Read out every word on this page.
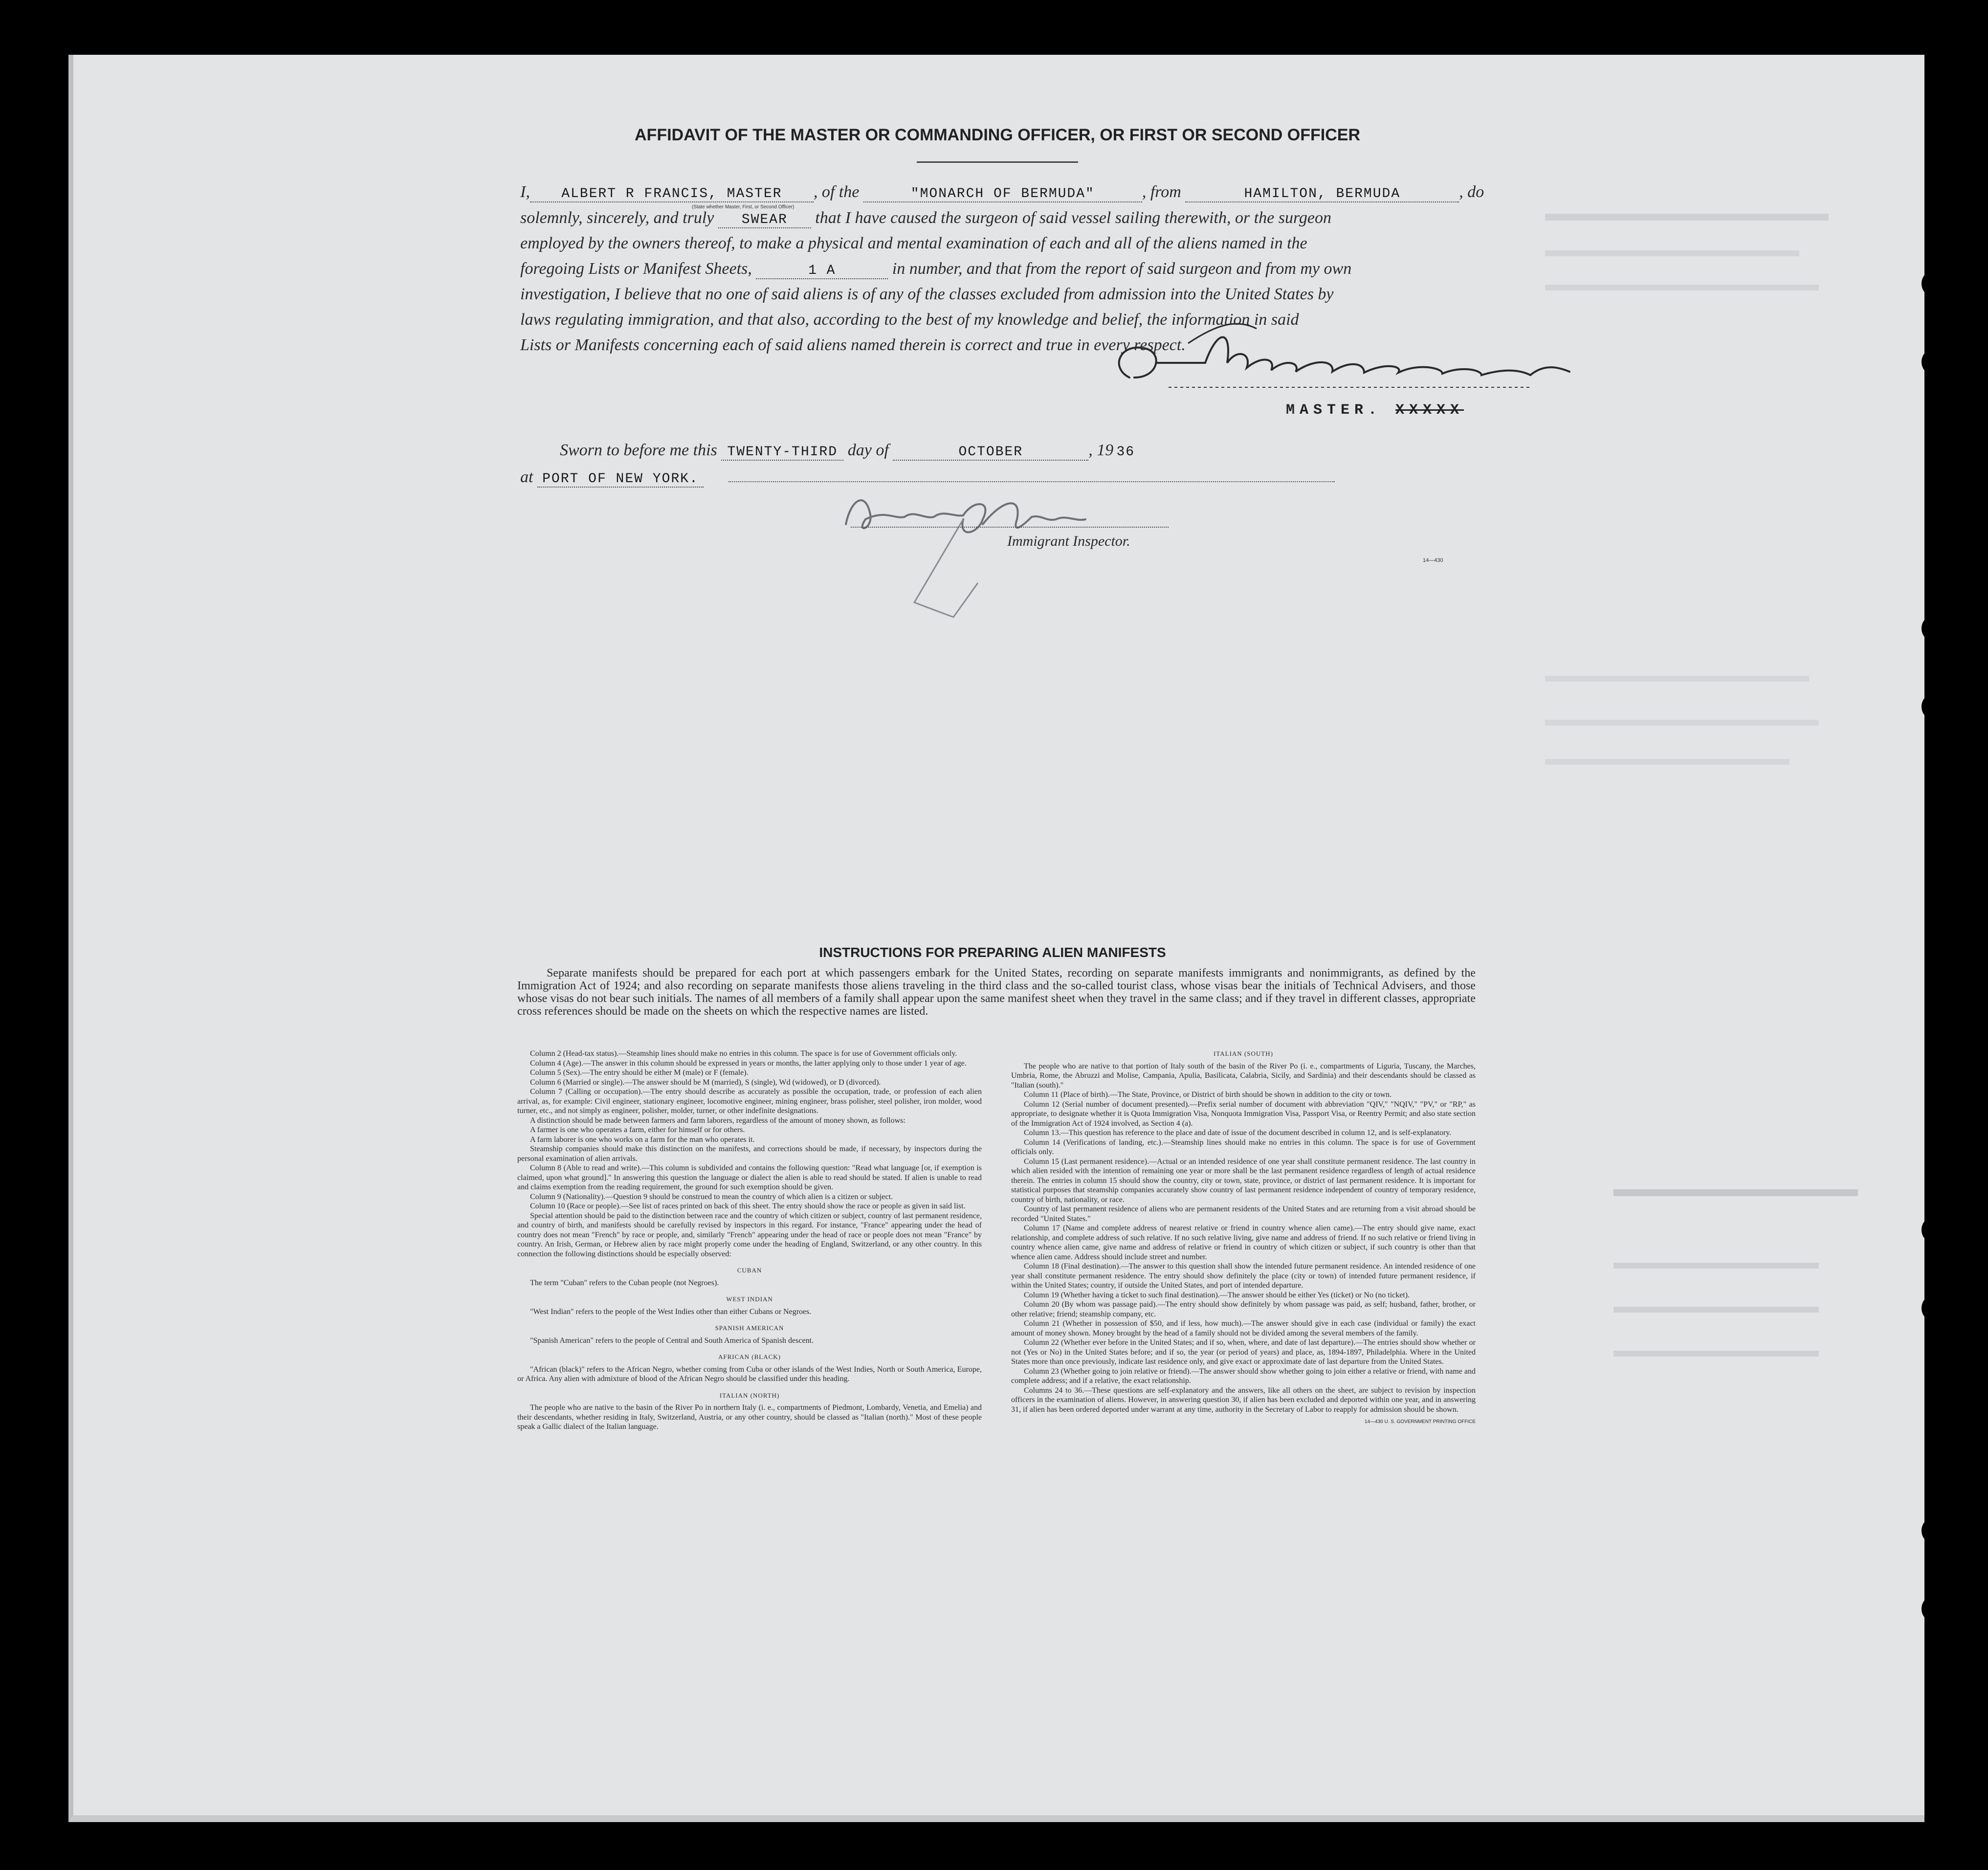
AFFIDAVIT OF THE MASTER OR COMMANDING OFFICER, OR FIRST OR SECOND OFFICER
I, ALBERT R FRANCIS, MASTER , of the	"MONARCH OF BERMUDA"	, from	HAMILTON, BERMUDA	, do
(State whether Master, First, or Second Officer)
solemnly, sincerely, and truly SWEAR that I have caused the surgeon of said vessel sailing therewith, or the surgeon
employed by the owners thereof, to make a physical and mental examination of each and all of the aliens named in the
foregoing Lists or Manifest Sheets,	1 A	in number, and that from the report of said surgeon and from my own
investigation, I believe that no one of said aliens is of any of the classes excluded from admission into the United States by
laws regulating immigration, and that also, according to the best of my knowledge and belief, the information in said
Lists or Manifests concerning each of said aliens named therein is correct and true in every respect.
MASTER. XXXXX
Sworn to before me this TWENTY-THIRD day of	OCTOBER	, 19 36
at PORT OF NEW YORK.
Immigrant Inspector.
14—430
INSTRUCTIONS FOR PREPARING ALIEN MANIFESTS
Separate manifests should be prepared for each port at which passengers embark for the United States, recording on separate manifests immigrants and nonimmigrants, as defined by the Immigration Act of 1924; and also recording on separate manifests those aliens traveling in the third class and the so-called tourist class, whose visas bear the initials of Technical Advisers, and those whose visas do not bear such initials. The names of all members of a family shall appear upon the same manifest sheet when they travel in the same class; and if they travel in different classes, appropriate cross references should be made on the sheets on which the respective names are listed.

Column 2 (Head-tax status).—Steamship lines should make no entries in this column. The space is for use of Government officials only.

Column 4 (Age).—The answer in this column should be expressed in years or months, the latter applying only to those under 1 year of age.

Column 5 (Sex).—The entry should be either M (male) or F (female).

Column 6 (Married or single).—The answer should be M (married), S (single), Wd (widowed), or D (divorced).

Column 7 (Calling or occupation).—The entry should describe as accurately as possible the occupation, trade, or profession of each alien arrival, as, for example: Civil engineer, stationary engineer, locomotive engineer, mining engineer, brass polisher, steel polisher, iron molder, wood turner, etc., and not simply as engineer, polisher, molder, turner, or other indefinite designations.

A distinction should be made between farmers and farm laborers, regardless of the amount of money shown, as follows:

A farmer is one who operates a farm, either for himself or for others.

A farm laborer is one who works on a farm for the man who operates it.

Steamship companies should make this distinction on the manifests, and corrections should be made, if necessary, by inspectors during the personal examination of alien arrivals.

Column 8 (Able to read and write).—This column is subdivided and contains the following question: "Read what language [or, if exemption is claimed, upon what ground]." In answering this question the language or dialect the alien is able to read should be stated. If alien is unable to read and claims exemption from the reading requirement, the ground for such exemption should be given.

Column 9 (Nationality).—Question 9 should be construed to mean the country of which alien is a citizen or subject.

Column 10 (Race or people).—See list of races printed on back of this sheet. The entry should show the race or people as given in said list.

Special attention should be paid to the distinction between race and the country of which citizen or subject, country of last permanent residence, and country of birth, and manifests should be carefully revised by inspectors in this regard. For instance, "France" appearing under the head of country does not mean "French" by race or people, and, similarly "French" appearing under the head of race or people does not mean "France" by country. An Irish, German, or Hebrew alien by race might properly come under the heading of England, Switzerland, or any other country. In this connection the following distinctions should be especially observed:

CUBAN

The term "Cuban" refers to the Cuban people (not Negroes).

WEST INDIAN

"West Indian" refers to the people of the West Indies other than either Cubans or Negroes.

SPANISH AMERICAN

"Spanish American" refers to the people of Central and South America of Spanish descent.

AFRICAN (BLACK)

"African (black)" refers to the African Negro, whether coming from Cuba or other islands of the West Indies, North or South America, Europe, or Africa. Any alien with admixture of blood of the African Negro should be classified under this heading.

ITALIAN (NORTH)

The people who are native to the basin of the River Po in northern Italy (i. e., compartments of Piedmont, Lombardy, Venetia, and Emelia) and their descendants, whether residing in Italy, Switzerland, Austria, or any other country, should be classed as "Italian (north)." Most of these people speak a Gallic dialect of the Italian language.

ITALIAN (SOUTH)

The people who are native to that portion of Italy south of the basin of the River Po (i. e., compartments of Liguria, Tuscany, the Marches, Umbria, Rome, the Abruzzi and Molise, Campania, Apulia, Basilicata, Calabria, Sicily, and Sardinia) and their descendants should be classed as "Italian (south)."

Column 11 (Place of birth).—The State, Province, or District of birth should be shown in addition to the city or town.

Column 12 (Serial number of document presented).—Prefix serial number of document with abbreviation "QIV," "NQIV," "PV," or "RP," as appropriate, to designate whether it is Quota Immigration Visa, Nonquota Immigration Visa, Passport Visa, or Reentry Permit; and also state section of the Immigration Act of 1924 involved, as Section 4 (a).

Column 13.—This question has reference to the place and date of issue of the document described in column 12, and is self-explanatory.

Column 14 (Verifications of landing, etc.).—Steamship lines should make no entries in this column. The space is for use of Government officials only.

Column 15 (Last permanent residence).—Actual or an intended residence of one year shall constitute permanent residence. The last country in which alien resided with the intention of remaining one year or more shall be the last permanent residence regardless of length of actual residence therein. The entries in column 15 should show the country, city or town, state, province, or district of last permanent residence. It is important for statistical purposes that steamship companies accurately show country of last permanent residence independent of country of temporary residence, country of birth, nationality, or race.

Country of last permanent residence of aliens who are permanent residents of the United States and are returning from a visit abroad should be recorded "United States."

Column 17 (Name and complete address of nearest relative or friend in country whence alien came).—The entry should give name, exact relationship, and complete address of such relative. If no such relative living, give name and address of friend. If no such relative or friend living in country whence alien came, give name and address of relative or friend in country of which citizen or subject, if such country is other than that whence alien came. Address should include street and number.

Column 18 (Final destination).—The answer to this question shall show the intended future permanent residence. An intended residence of one year shall constitute permanent residence. The entry should show definitely the place (city or town) of intended future permanent residence, if within the United States; country, if outside the United States, and port of intended departure.

Column 19 (Whether having a ticket to such final destination).—The answer should be either Yes (ticket) or No (no ticket).

Column 20 (By whom was passage paid).—The entry should show definitely by whom passage was paid, as self; husband, father, brother, or other relative; friend; steamship company, etc.

Column 21 (Whether in possession of $50, and if less, how much).—The answer should give in each case (individual or family) the exact amount of money shown. Money brought by the head of a family should not be divided among the several members of the family.

Column 22 (Whether ever before in the United States; and if so, when, where, and date of last departure).—The entries should show whether or not (Yes or No) in the United States before; and if so, the year (or period of years) and place, as, 1894-1897, Philadelphia. Where in the United States more than once previously, indicate last residence only, and give exact or approximate date of last departure from the United States.

Column 23 (Whether going to join relative or friend).—The answer should show whether going to join either a relative or friend, with name and complete address; and if a relative, the exact relationship.

Columns 24 to 36.—These questions are self-explanatory and the answers, like all others on the sheet, are subject to revision by inspection officers in the examination of aliens. However, in answering question 30, if alien has been excluded and deported within one year, and in answering 31, if alien has been ordered deported under warrant at any time, authority in the Secretary of Labor to reapply for admission should be shown.

14—430 U. S. GOVERNMENT PRINTING OFFICE
